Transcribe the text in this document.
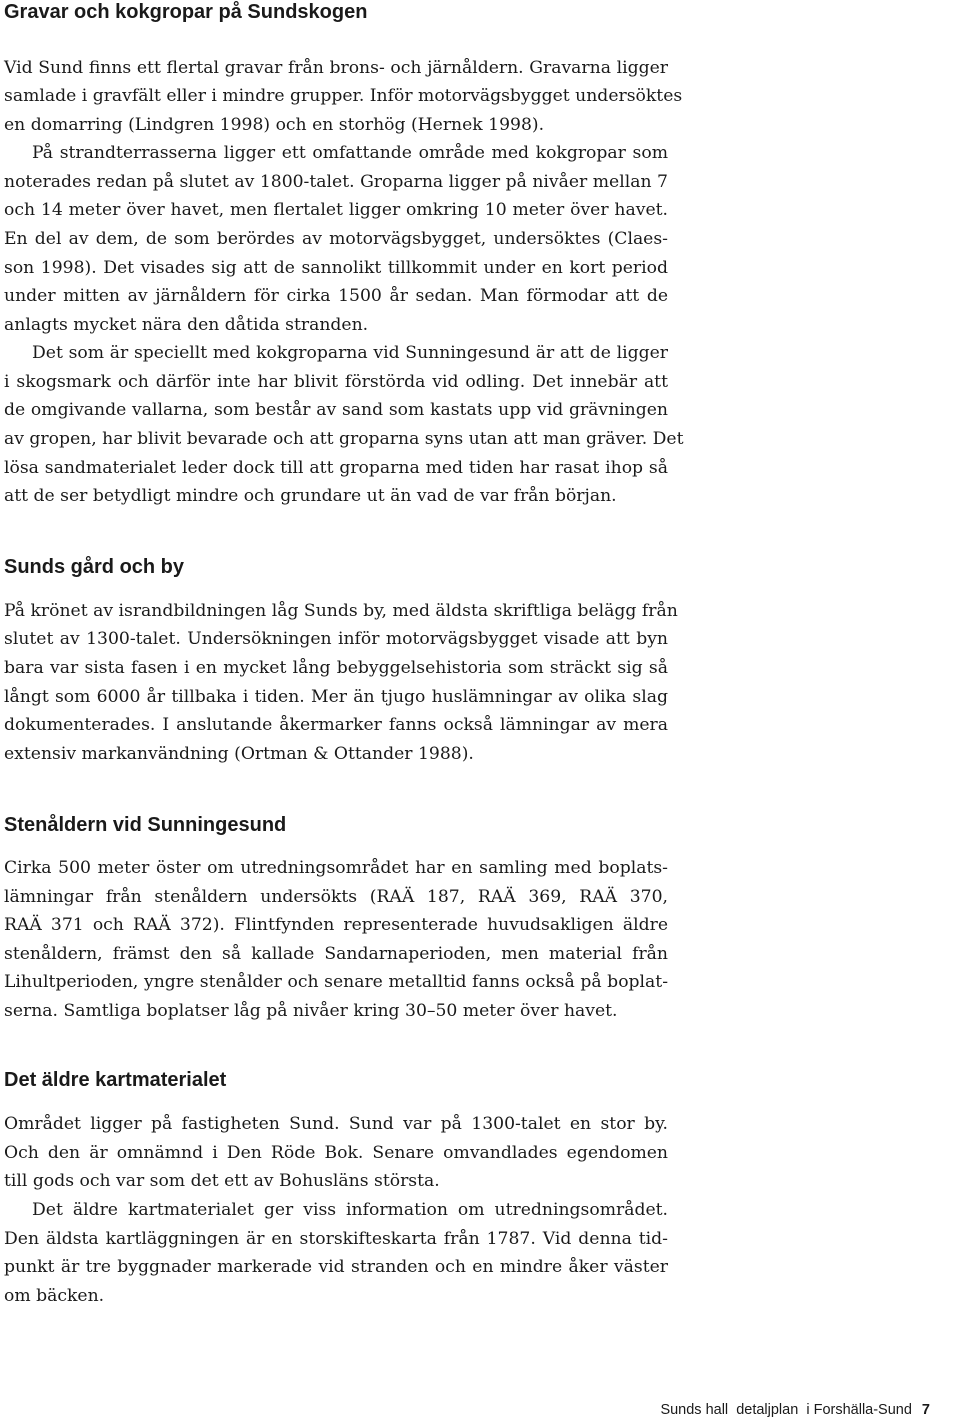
Gravar och kokgropar på Sundskogen
Vid Sund finns ett flertal gravar från brons- och järnåldern. Gravarna ligger
samlade i gravfält eller i mindre grupper. Inför motorvägsbygget undersöktes
en domarring (Lindgren 1998) och en storhög (Hernek 1998).
På strandterrasserna ligger ett omfattande område med kokgropar som
noterades redan på slutet av 1800-talet. Groparna ligger på nivåer mellan 7
och 14 meter över havet, men flertalet ligger omkring 10 meter över havet.
En del av dem, de som berördes av motorvägsbygget, undersöktes (Claes-
son 1998). Det visades sig att de sannolikt tillkommit under en kort period
under mitten av järnåldern för cirka 1500 år sedan. Man förmodar att de
anlagts mycket nära den dåtida stranden.
Det som är speciellt med kokgroparna vid Sunningesund är att de ligger
i skogsmark och därför inte har blivit förstörda vid odling. Det innebär att
de omgivande vallarna, som består av sand som kastats upp vid grävningen
av gropen, har blivit bevarade och att groparna syns utan att man gräver. Det
lösa sandmaterialet leder dock till att groparna med tiden har rasat ihop så
att de ser betydligt mindre och grundare ut än vad de var från början.
Sunds gård och by
På krönet av israndbildningen låg Sunds by, med äldsta skriftliga belägg från
slutet av 1300-talet. Undersökningen inför motorvägsbygget visade att byn
bara var sista fasen i en mycket lång bebyggelsehistoria som sträckt sig så
långt som 6000 år tillbaka i tiden. Mer än tjugo huslämningar av olika slag
dokumenterades. I anslutande åkermarker fanns också lämningar av mera
extensiv markanvändning (Ortman & Ottander 1988).
Stenåldern vid Sunningesund
Cirka 500 meter öster om utredningsområdet har en samling med boplats-
lämningar från stenåldern undersökts (RAÄ 187, RAÄ 369, RAÄ 370,
RAÄ 371 och RAÄ 372). Flintfynden representerade huvudsakligen äldre
stenåldern, främst den så kallade Sandarnaperioden, men material från
Lihultperioden, yngre stenålder och senare metalltid fanns också på boplat-
serna. Samtliga boplatser låg på nivåer kring 30–50 meter över havet.
Det äldre kartmaterialet
Området ligger på fastigheten Sund. Sund var på 1300-talet en stor by.
Och den är omnämnd i Den Röde Bok. Senare omvandlades egendomen
till gods och var som det ett av Bohusläns största.
Det äldre kartmaterialet ger viss information om utredningsområdet.
Den äldsta kartläggningen är en storskifteskarta från 1787. Vid denna tid-
punkt är tre byggnader markerade vid stranden och en mindre åker väster
om bäcken.
Sunds hall  detaljplan  i Forshälla-Sund 7
